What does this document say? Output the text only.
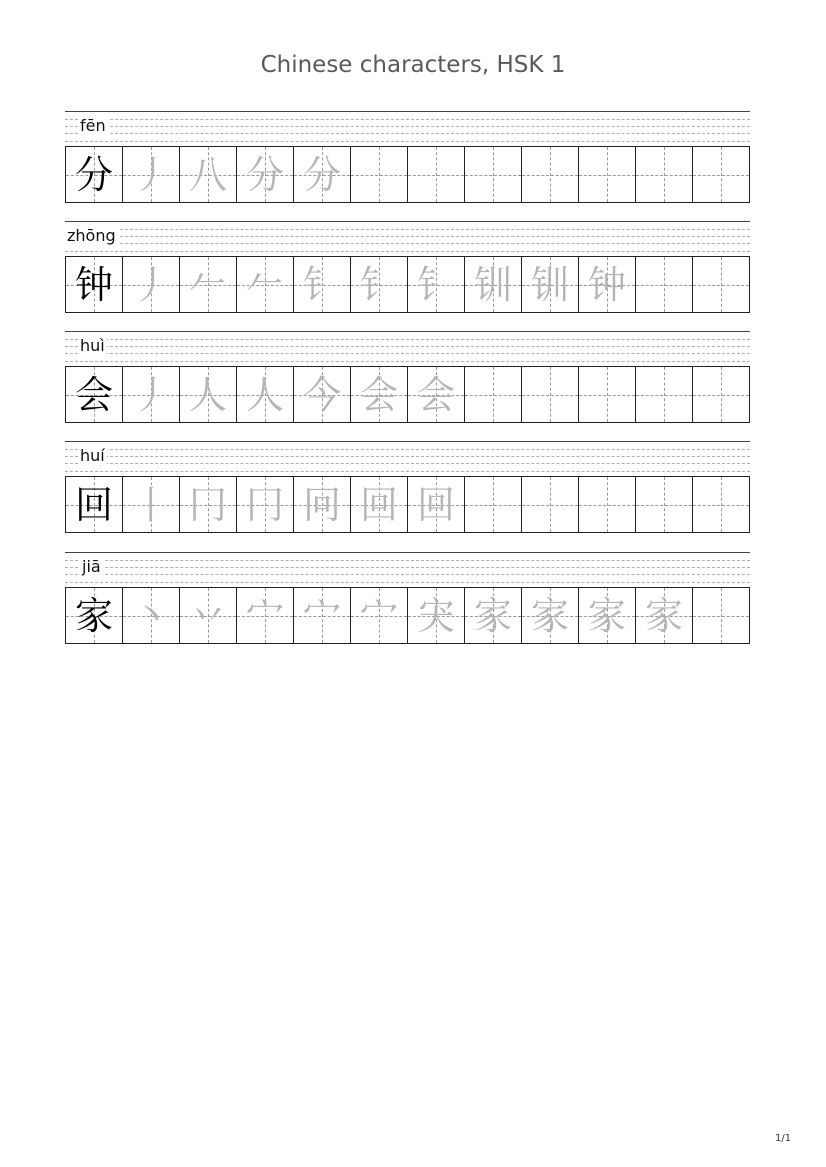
Chinese characters, HSK 1
fēn
分 丿 八 分 分
zhōng
钟 丿 𠂉 𠂉 钅 钅 钅 钏 钏 钟
huì
会 丿 人 人 今 会 会
huí
回 丨 冂 冂 冋 回 回
jiā
家 丶 丷 宀 宀 宀 宊 家 家 家 家
1/1
